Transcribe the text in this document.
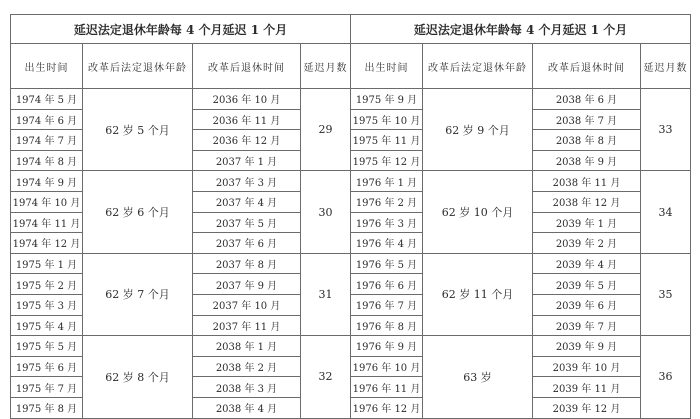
延迟法定退休年龄每 4 个月延迟 1 个月			
出生时间	改革后法定退休年龄	改革后退休时间	延迟月数
1974 年 5 月	62 岁 5 个月	2036 年 10 月	29
1974 年 6 月		2036 年 11 月	
1974 年 7 月		2036 年 12 月	
1974 年 8 月		2037 年 1 月	
1974 年 9 月	62 岁 6 个月	2037 年 3 月	30
1974 年 10 月		2037 年 4 月	
1974 年 11 月		2037 年 5 月	
1974 年 12 月		2037 年 6 月	
1975 年 1 月	62 岁 7 个月	2037 年 8 月	31
1975 年 2 月		2037 年 9 月	
1975 年 3 月		2037 年 10 月	
1975 年 4 月		2037 年 11 月	
1975 年 5 月	62 岁 8 个月	2038 年 1 月	32
1975 年 6 月		2038 年 2 月	
1975 年 7 月		2038 年 3 月	
1975 年 8 月		2038 年 4 月	
延迟法定退休年龄每 4 个月延迟 1 个月			
出生时间	改革后法定退休年龄	改革后退休时间	延迟月数
1975 年 9 月	62 岁 9 个月	2038 年 6 月	33
1975 年 10 月		2038 年 7 月	
1975 年 11 月		2038 年 8 月	
1975 年 12 月		2038 年 9 月	
1976 年 1 月	62 岁 10 个月	2038 年 11 月	34
1976 年 2 月		2038 年 12 月	
1976 年 3 月		2039 年 1 月	
1976 年 4 月		2039 年 2 月	
1976 年 5 月	62 岁 11 个月	2039 年 4 月	35
1976 年 6 月		2039 年 5 月	
1976 年 7 月		2039 年 6 月	
1976 年 8 月		2039 年 7 月	
1976 年 9 月	63 岁	2039 年 9 月	36
1976 年 10 月		2039 年 10 月	
1976 年 11 月		2039 年 11 月	
1976 年 12 月		2039 年 12 月	
